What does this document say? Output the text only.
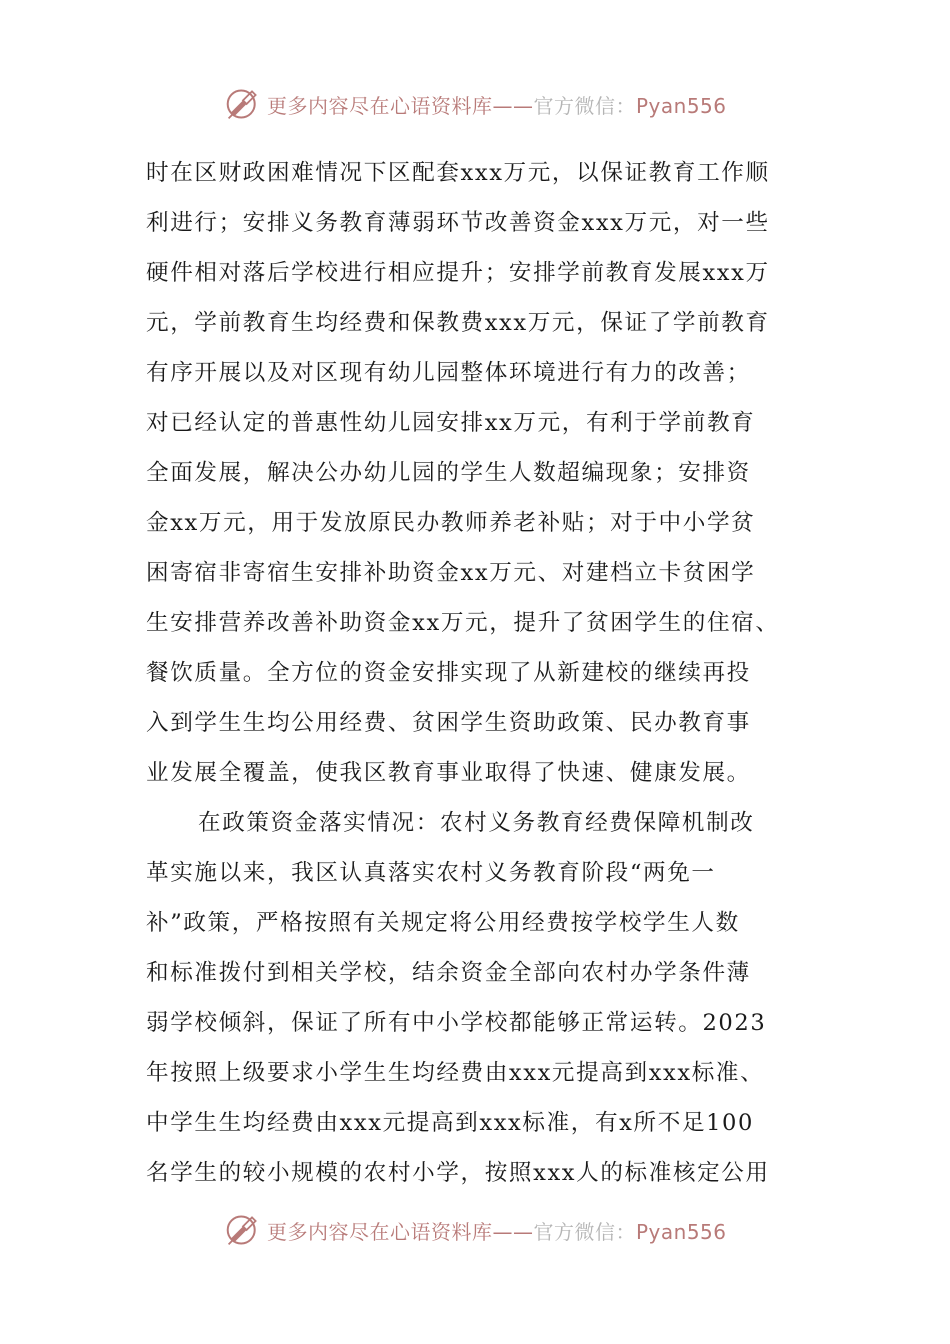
更多内容尽在心语资料库——官方微信：Pyan556
时在区财政困难情况下区配套xxx万元，以保证教育工作顺
利进行；安排义务教育薄弱环节改善资金xxx万元，对一些
硬件相对落后学校进行相应提升；安排学前教育发展xxx万
元，学前教育生均经费和保教费xxx万元，保证了学前教育
有序开展以及对区现有幼儿园整体环境进行有力的改善；
对已经认定的普惠性幼儿园安排xx万元，有利于学前教育
全面发展，解决公办幼儿园的学生人数超编现象；安排资
金xx万元，用于发放原民办教师养老补贴；对于中小学贫
困寄宿非寄宿生安排补助资金xx万元、对建档立卡贫困学
生安排营养改善补助资金xx万元，提升了贫困学生的住宿、
餐饮质量。全方位的资金安排实现了从新建校的继续再投
入到学生生均公用经费、贫困学生资助政策、民办教育事
业发展全覆盖，使我区教育事业取得了快速、健康发展。
在政策资金落实情况：农村义务教育经费保障机制改
革实施以来，我区认真落实农村义务教育阶段“两免一
补”政策，严格按照有关规定将公用经费按学校学生人数
和标准拨付到相关学校，结余资金全部向农村办学条件薄
弱学校倾斜，保证了所有中小学校都能够正常运转。2023
年按照上级要求小学生生均经费由xxx元提高到xxx标准、
中学生生均经费由xxx元提高到xxx标准，有x所不足100
名学生的较小规模的农村小学，按照xxx人的标准核定公用
更多内容尽在心语资料库——官方微信：Pyan556
